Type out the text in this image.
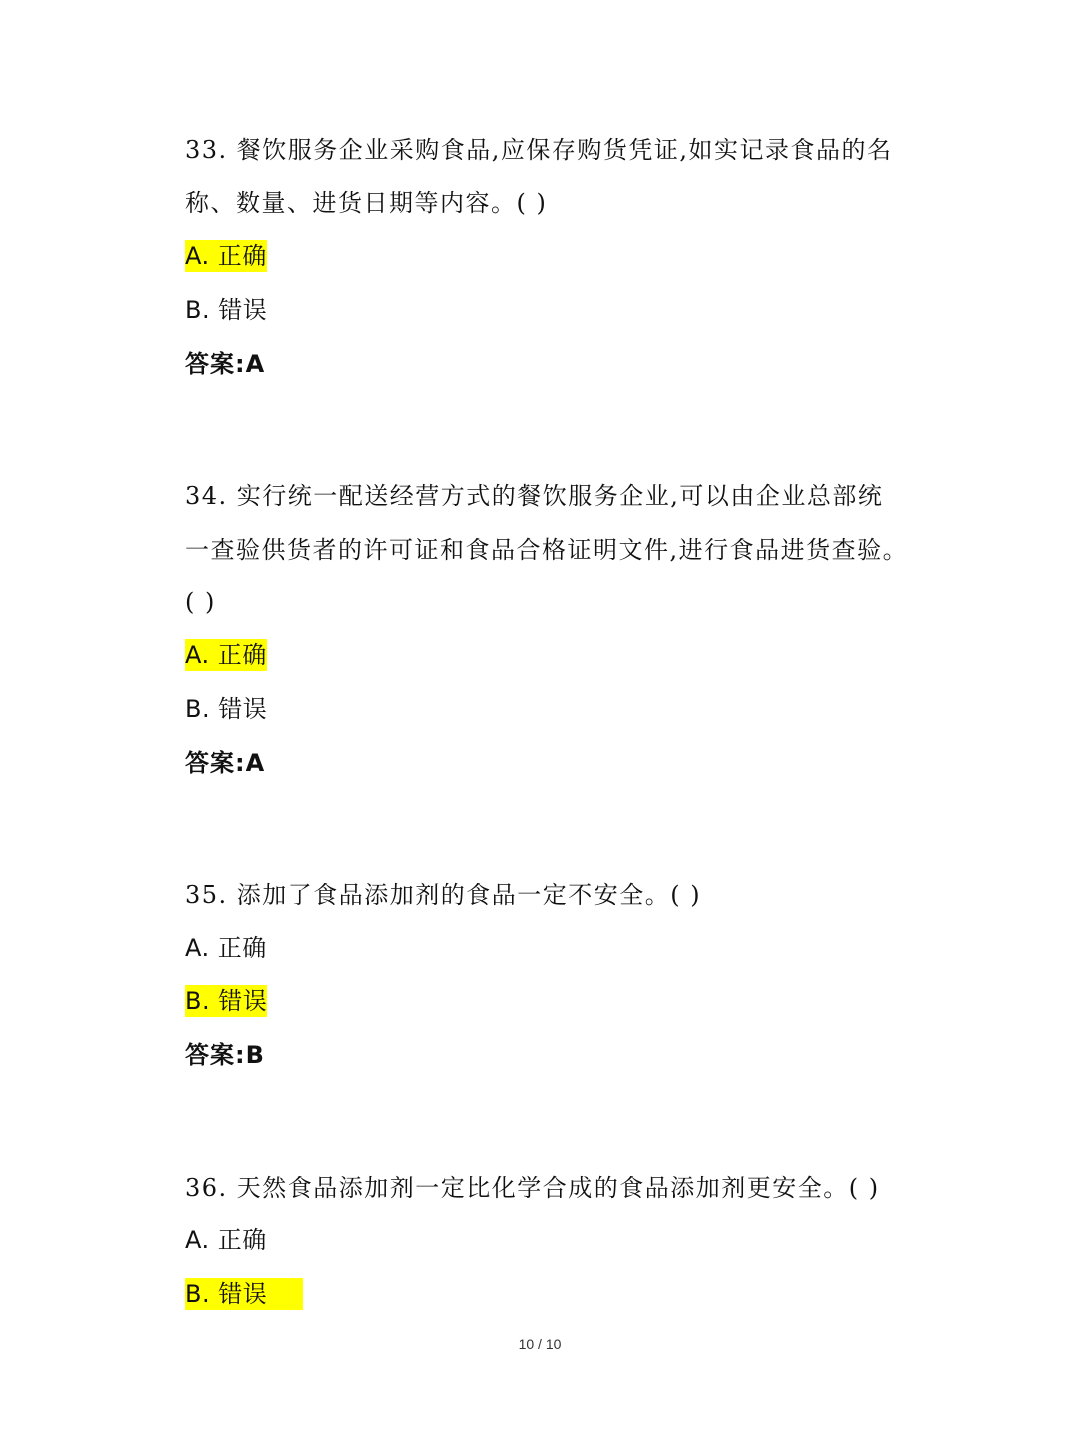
33. 餐饮服务企业采购食品,应保存购货凭证,如实记录食品的名
称、数量、进货日期等内容。( )
A. 正确
B. 错误
答案:A
34. 实行统一配送经营方式的餐饮服务企业,可以由企业总部统
一查验供货者的许可证和食品合格证明文件,进行食品进货查验。
( )
A. 正确
B. 错误
答案:A
35. 添加了食品添加剂的食品一定不安全。( )
A. 正确
B. 错误
答案:B
36. 天然食品添加剂一定比化学合成的食品添加剂更安全。( )
A. 正确
B. 错误
10 / 10
